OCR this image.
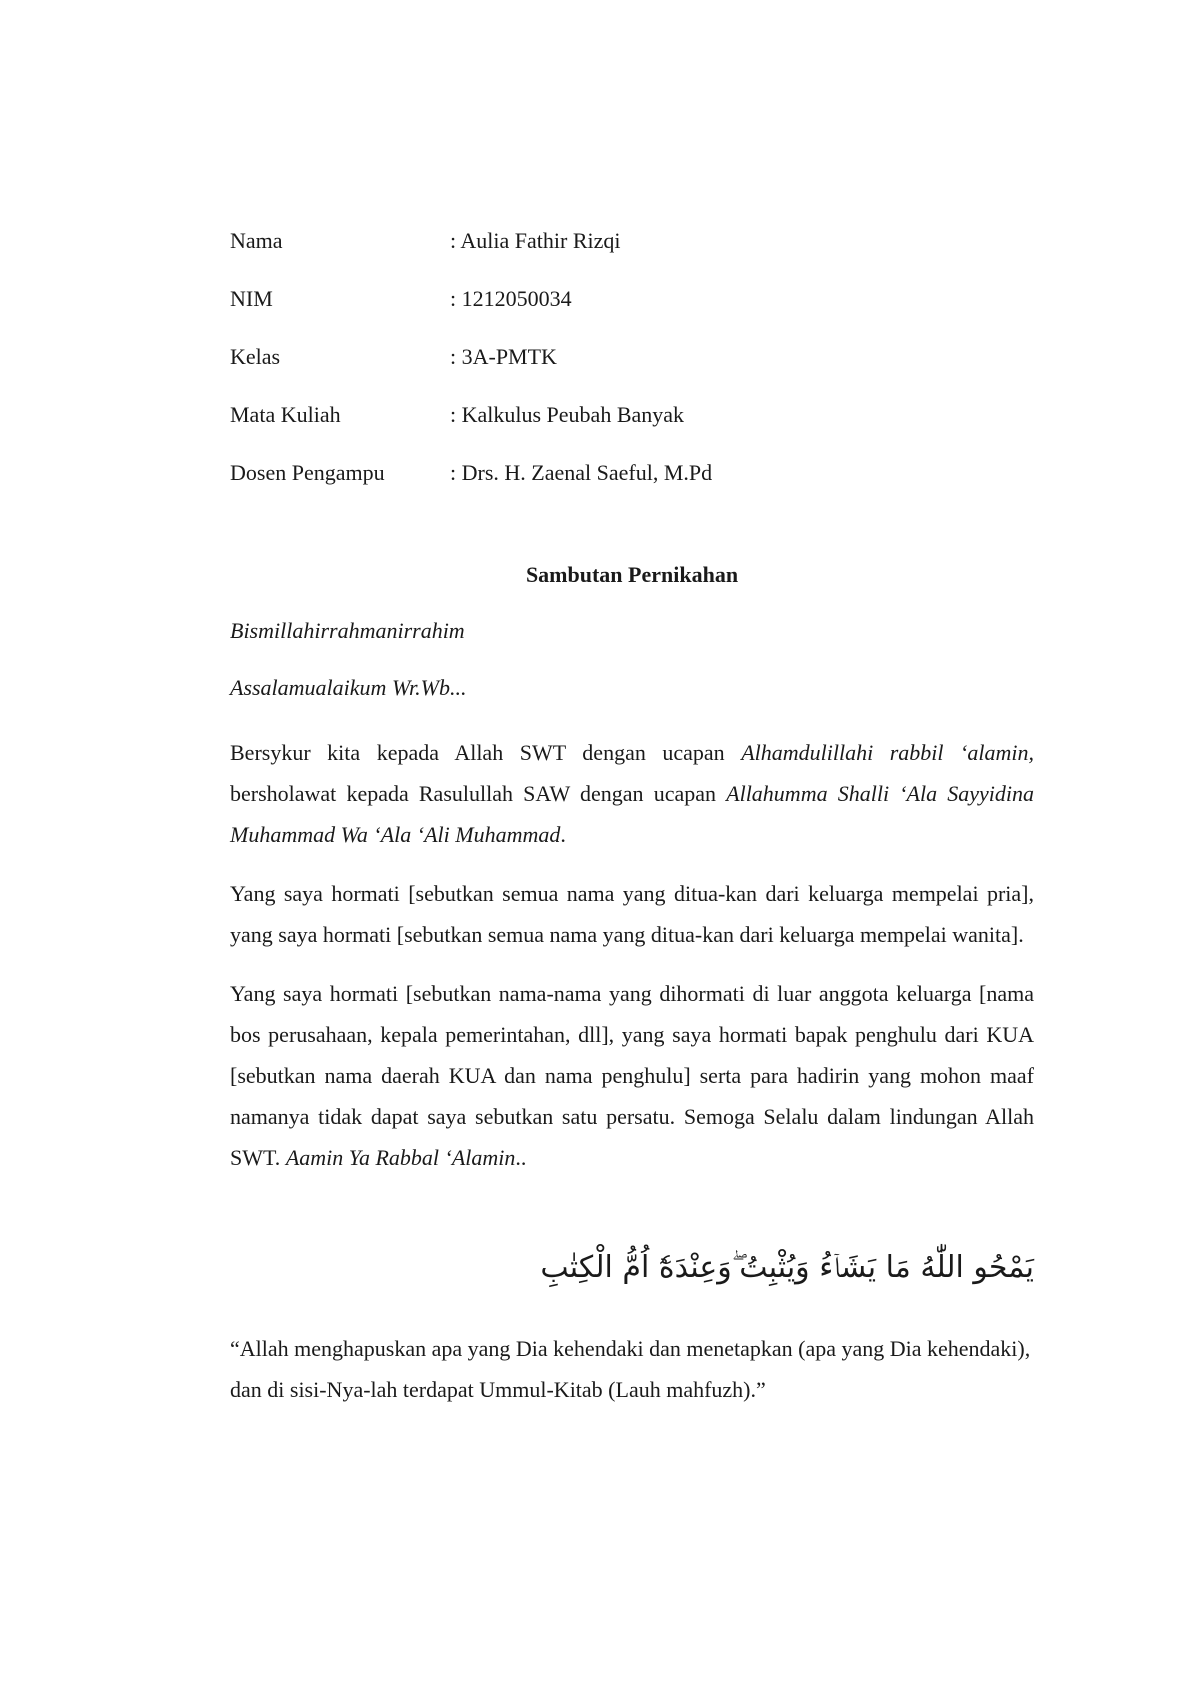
Nama	: Aulia Fathir Rizqi
NIM	: 1212050034
Kelas	: 3A-PMTK
Mata Kuliah	: Kalkulus Peubah Banyak
Dosen Pengampu	: Drs. H. Zaenal Saeful, M.Pd
Sambutan Pernikahan

Bismillahirrahmanirrahim

Assalamualaikum Wr.Wb...

Bersykur kita kepada Allah SWT dengan ucapan Alhamdulillahi rabbil ‘alamin, bersholawat kepada Rasulullah SAW dengan ucapan Allahumma Shalli ‘Ala Sayyidina Muhammad Wa ‘Ala ‘Ali Muhammad.

Yang saya hormati [sebutkan semua nama yang ditua-kan dari keluarga mempelai pria], yang saya hormati [sebutkan semua nama yang ditua-kan dari keluarga mempelai wanita].

Yang saya hormati [sebutkan nama-nama yang dihormati di luar anggota keluarga [nama bos perusahaan, kepala pemerintahan, dll], yang saya hormati bapak penghulu dari KUA [sebutkan nama daerah KUA dan nama penghulu] serta para hadirin yang mohon maaf namanya tidak dapat saya sebutkan satu persatu. Semoga Selalu dalam lindungan Allah SWT. Aamin Ya Rabbal ‘Alamin..

يَمْحُو اللّٰهُ مَا يَشَاۤءُ وَيُثْبِتُ ۖوَعِنْدَهٗٓ اُمُّ الْكِتٰبِ

“Allah menghapuskan apa yang Dia kehendaki dan menetapkan (apa yang Dia kehendaki), dan di sisi-Nya-lah terdapat Ummul-Kitab (Lauh mahfuzh).”
